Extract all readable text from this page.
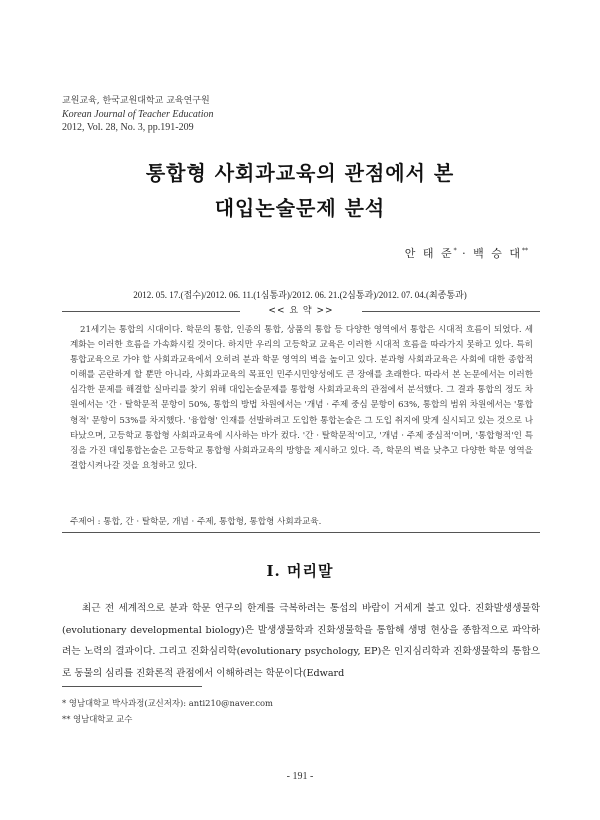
교원교육, 한국교원대학교 교육연구원
Korean Journal of Teacher Education
2012, Vol. 28, No. 3, pp.191-209
통합형 사회과교육의 관점에서 본
대입논술문제 분석
안 태 준* · 백 승 대**
2012. 05. 17.(접수)/2012. 06. 11.(1심통과)/2012. 06. 21.(2심통과)/2012. 07. 04.(최종통과)
<< 요 약 >>

21세기는 통합의 시대이다. 학문의 통합, 인종의 통합, 상품의 통합 등 다양한 영역에서 통합은 시대적 흐름이 되었다. 세계화는 이러한 흐름을 가속화시킬 것이다. 하지만 우리의 고등학교 교육은 이러한 시대적 흐름을 따라가지 못하고 있다. 특히 통합교육으로 가야 할 사회과교육에서 오히려 분과 학문 영역의 벽을 높이고 있다. 분과형 사회과교육은 사회에 대한 종합적 이해를 곤란하게 할 뿐만 아니라, 사회과교육의 목표인 민주시민양성에도 큰 장애를 초래한다. 따라서 본 논문에서는 이러한 심각한 문제를 해결할 실마리를 찾기 위해 대입논술문제를 통합형 사회과교육의 관점에서 분석했다. 그 결과 통합의 정도 차원에서는 '간 · 탈학문적 문항이 50%, 통합의 방법 차원에서는 '개념 · 주제 중심 문항이 63%, 통합의 범위 차원에서는 '통합형적' 문항이 53%를 차지했다. '융합형' 인재를 선발하려고 도입한 통합논술은 그 도입 취지에 맞게 실시되고 있는 것으로 나타났으며, 고등학교 통합형 사회과교육에 시사하는 바가 컸다. '간 · 탈학문적'이고, '개념 · 주제 중심적'이며, '통합형적'인 특징을 가진 대입통합논술은 고등학교 통합형 사회과교육의 방향을 제시하고 있다. 즉, 학문의 벽을 낮추고 다양한 학문 영역을 결합시켜나갈 것을 요청하고 있다.

주제어 : 통합, 간 · 탈학문, 개념 · 주제, 통합형, 통합형 사회과교육.
Ⅰ. 머리말

최근 전 세계적으로 분과 학문 연구의 한계를 극복하려는 통섭의 바람이 거세게 불고 있다. 진화발생생물학(evolutionary developmental biology)은 발생생물학과 진화생물학을 통합해 생명 현상을 종합적으로 파악하려는 노력의 결과이다. 그리고 진화심리학(evolutionary psychology, EP)은 인지심리학과 진화생물학의 통합으로 동물의 심리를 진화론적 관점에서 이해하려는 학문이다(Edward

* 영남대학교 박사과정(교신저자): anti210@naver.com
** 영남대학교 교수
- 191 -
